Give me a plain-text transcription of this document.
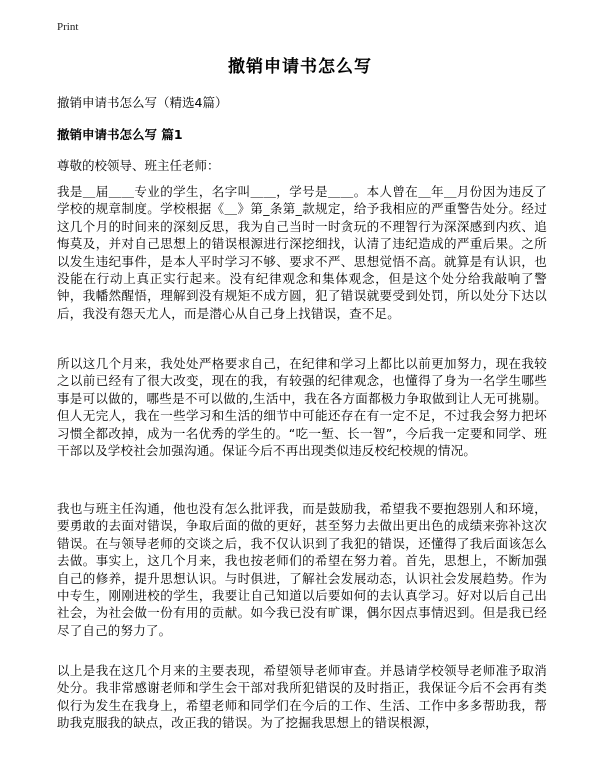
Print
撤销申请书怎么写
撤销申请书怎么写（精选4篇）
撤销申请书怎么写 篇1
尊敬的校领导、班主任老师：

我是＿届＿＿专业的学生，名字叫＿＿，学号是＿＿。本人曾在＿年＿月份因为违反了学校的规章制度。学校根据《＿》第_条第_款规定，给予我相应的严重警告处分。经过这几个月的时间来的深刻反思，我为自己当时一时贪玩的不理智行为深深感到内疚、追悔莫及，并对自己思想上的错误根源进行深挖细找，认清了违纪造成的严重后果。之所以发生违纪事件，是本人平时学习不够、要求不严、思想觉悟不高。就算是有认识，也没能在行动上真正实行起来。没有纪律观念和集体观念，但是这个处分给我敲响了警钟，我幡然醒悟，理解到没有规矩不成方圆，犯了错误就要受到处罚，所以处分下达以后，我没有怨天尤人，而是潜心从自己身上找错误，查不足。

所以这几个月来，我处处严格要求自己，在纪律和学习上都比以前更加努力，现在我较之以前已经有了很大改变，现在的我，有较强的纪律观念，也懂得了身为一名学生哪些事是可以做的，哪些是不可以做的,生活中，我在各方面都极力争取做到让人无可挑剔。但人无完人，我在一些学习和生活的细节中可能还存在有一定不足，不过我会努力把坏习惯全都改掉，成为一名优秀的学生的。“吃一堑、长一智”，今后我一定要和同学、班干部以及学校社会加强沟通。保证今后不再出现类似违反校纪校规的情况。

我也与班主任沟通，他也没有怎么批评我，而是鼓励我，希望我不要抱怨别人和环境，要勇敢的去面对错误，争取后面的做的更好，甚至努力去做出更出色的成绩来弥补这次错误。在与领导老师的交谈之后，我不仅认识到了我犯的错误，还懂得了我后面该怎么去做。事实上，这几个月来，我也按老师们的希望在努力着。首先，思想上，不断加强自己的修养，提升思想认识。与时俱进，了解社会发展动态，认识社会发展趋势。作为中专生，刚刚进校的学生，我要让自己知道以后要如何的去认真学习。好对以后自己出社会，为社会做一份有用的贡献。如今我已没有旷课，偶尔因点事情迟到。但是我已经尽了自己的努力了。

以上是我在这几个月来的主要表现，希望领导老师审查。并恳请学校领导老师准予取消处分。我非常感谢老师和学生会干部对我所犯错误的及时指正，我保证今后不会再有类似行为发生在我身上，希望老师和同学们在今后的工作、生活、工作中多多帮助我，帮助我克服我的缺点，改正我的错误。为了挖掘我思想上的错误根源，
